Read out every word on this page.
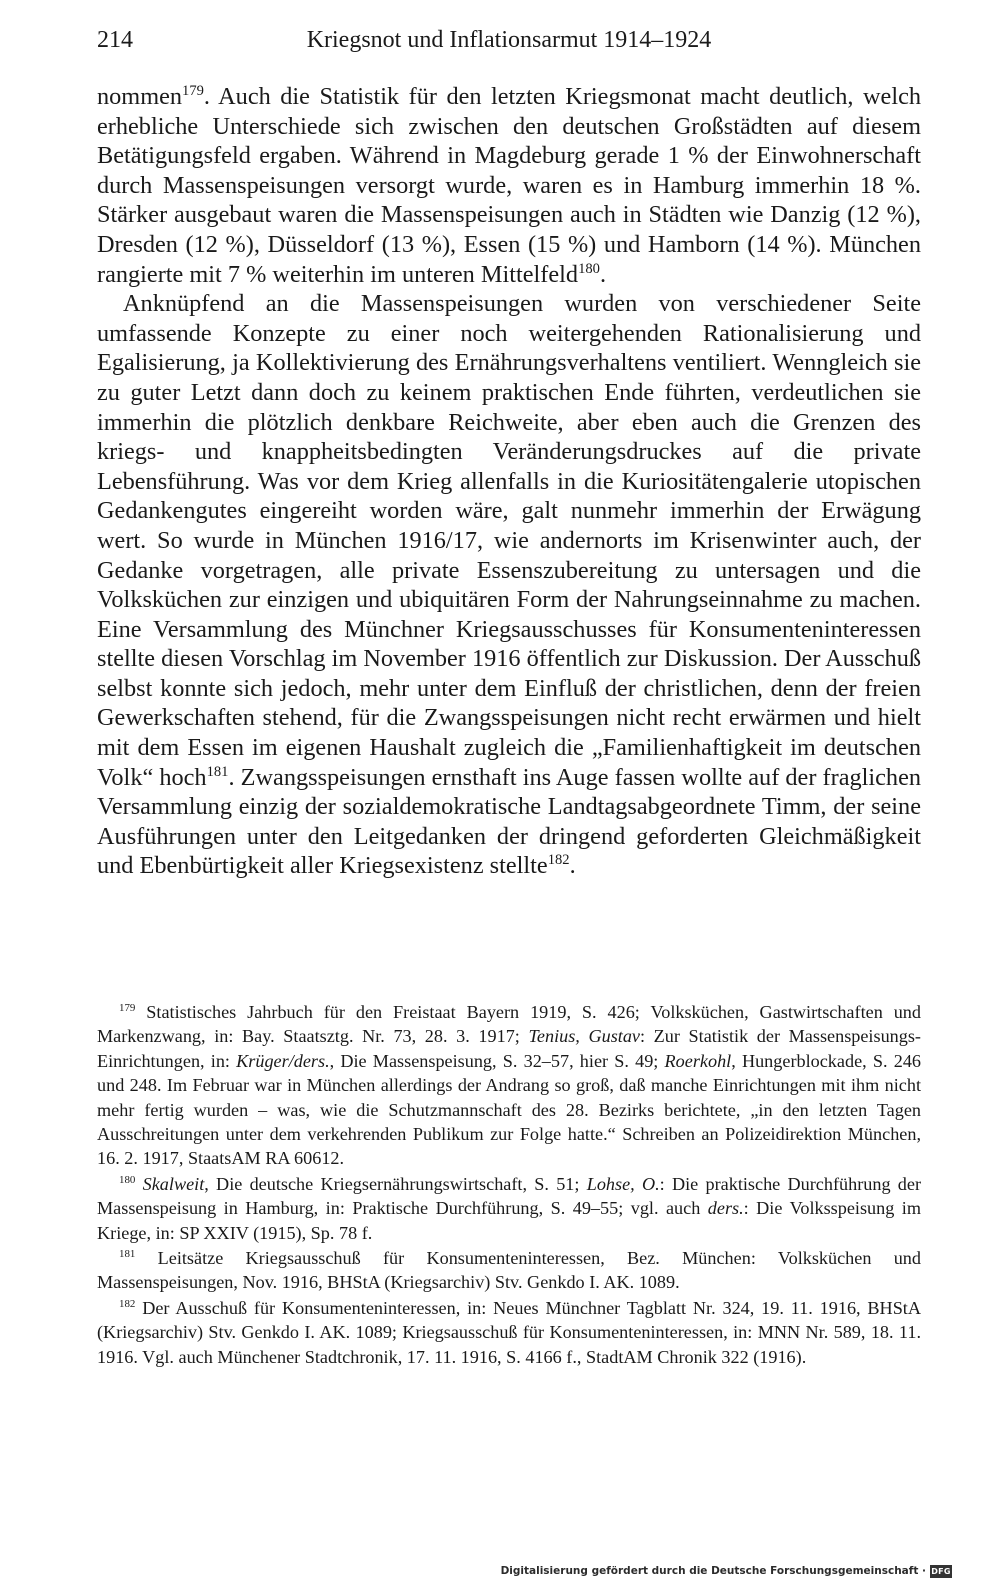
214	Kriegsnot und Inflationsarmut 1914–1924

nommen$^{179}$. Auch die Statistik für den letzten Kriegsmonat macht deutlich, welch erhebliche Unterschiede sich zwischen den deutschen Großstädten auf diesem Betätigungsfeld ergaben. Während in Magdeburg gerade 1 % der Einwohnerschaft durch Massenspeisungen versorgt wurde, waren es in Hamburg immerhin 18 %. Stärker ausgebaut waren die Massenspeisungen auch in Städten wie Danzig (12 %), Dresden (12 %), Düsseldorf (13 %), Essen (15 %) und Hamborn (14 %). München rangierte mit 7 % weiterhin im unteren Mittelfeld$^{180}$.

Anknüpfend an die Massenspeisungen wurden von verschiedener Seite umfassende Konzepte zu einer noch weitergehenden Rationalisierung und Egalisierung, ja Kollektivierung des Ernährungsverhaltens ventiliert. Wenngleich sie zu guter Letzt dann doch zu keinem praktischen Ende führten, verdeutlichen sie immerhin die plötzlich denkbare Reichweite, aber eben auch die Grenzen des kriegs- und knappheitsbedingten Veränderungsdruckes auf die private Lebensführung. Was vor dem Krieg allenfalls in die Kuriositätengalerie utopischen Gedankengutes eingereiht worden wäre, galt nunmehr immerhin der Erwägung wert. So wurde in München 1916/17, wie andernorts im Krisenwinter auch, der Gedanke vorgetragen, alle private Essenszubereitung zu untersagen und die Volksküchen zur einzigen und ubiquitären Form der Nahrungseinnahme zu machen. Eine Versammlung des Münchner Kriegsausschusses für Konsumenteninteressen stellte diesen Vorschlag im November 1916 öffentlich zur Diskussion. Der Ausschuß selbst konnte sich jedoch, mehr unter dem Einfluß der christlichen, denn der freien Gewerkschaften stehend, für die Zwangsspeisungen nicht recht erwärmen und hielt mit dem Essen im eigenen Haushalt zugleich die „Familienhaftigkeit im deutschen Volk“ hoch$^{181}$. Zwangsspeisungen ernsthaft ins Auge fassen wollte auf der fraglichen Versammlung einzig der sozialdemokratische Landtagsabgeordnete Timm, der seine Ausführungen unter den Leitgedanken der dringend geforderten Gleichmäßigkeit und Ebenbürtigkeit aller Kriegsexistenz stellte$^{182}$.

$^{179}$ Statistisches Jahrbuch für den Freistaat Bayern 1919, S. 426; Volksküchen, Gastwirtschaften und Markenzwang, in: Bay. Staatsztg. Nr. 73, 28. 3. 1917; Tenius, Gustav: Zur Statistik der Massenspeisungs-Einrichtungen, in: Krüger/ders., Die Massenspeisung, S. 32–57, hier S. 49; Roerkohl, Hungerblockade, S. 246 und 248. Im Februar war in München allerdings der Andrang so groß, daß manche Einrichtungen mit ihm nicht mehr fertig wurden – was, wie die Schutzmannschaft des 28. Bezirks berichtete, „in den letzten Tagen Ausschreitungen unter dem verkehrenden Publikum zur Folge hatte.“ Schreiben an Polizeidirektion München, 16. 2. 1917, StaatsAM RA 60612.

$^{180}$ Skalweit, Die deutsche Kriegsernährungswirtschaft, S. 51; Lohse, O.: Die praktische Durchführung der Massenspeisung in Hamburg, in: Praktische Durchführung, S. 49–55; vgl. auch ders.: Die Volksspeisung im Kriege, in: SP XXIV (1915), Sp. 78 f.

$^{181}$ Leitsätze Kriegsausschuß für Konsumenteninteressen, Bez. München: Volksküchen und Massenspeisungen, Nov. 1916, BHStA (Kriegsarchiv) Stv. Genkdo I. AK. 1089.

$^{182}$ Der Ausschuß für Konsumenteninteressen, in: Neues Münchner Tagblatt Nr. 324, 19. 11. 1916, BHStA (Kriegsarchiv) Stv. Genkdo I. AK. 1089; Kriegsausschuß für Konsumenteninteressen, in: MNN Nr. 589, 18. 11. 1916. Vgl. auch Münchener Stadtchronik, 17. 11. 1916, S. 4166 f., StadtAM Chronik 322 (1916).

Digitalisierung gefördert durch die Deutsche Forschungsgemeinschaft · DFG
